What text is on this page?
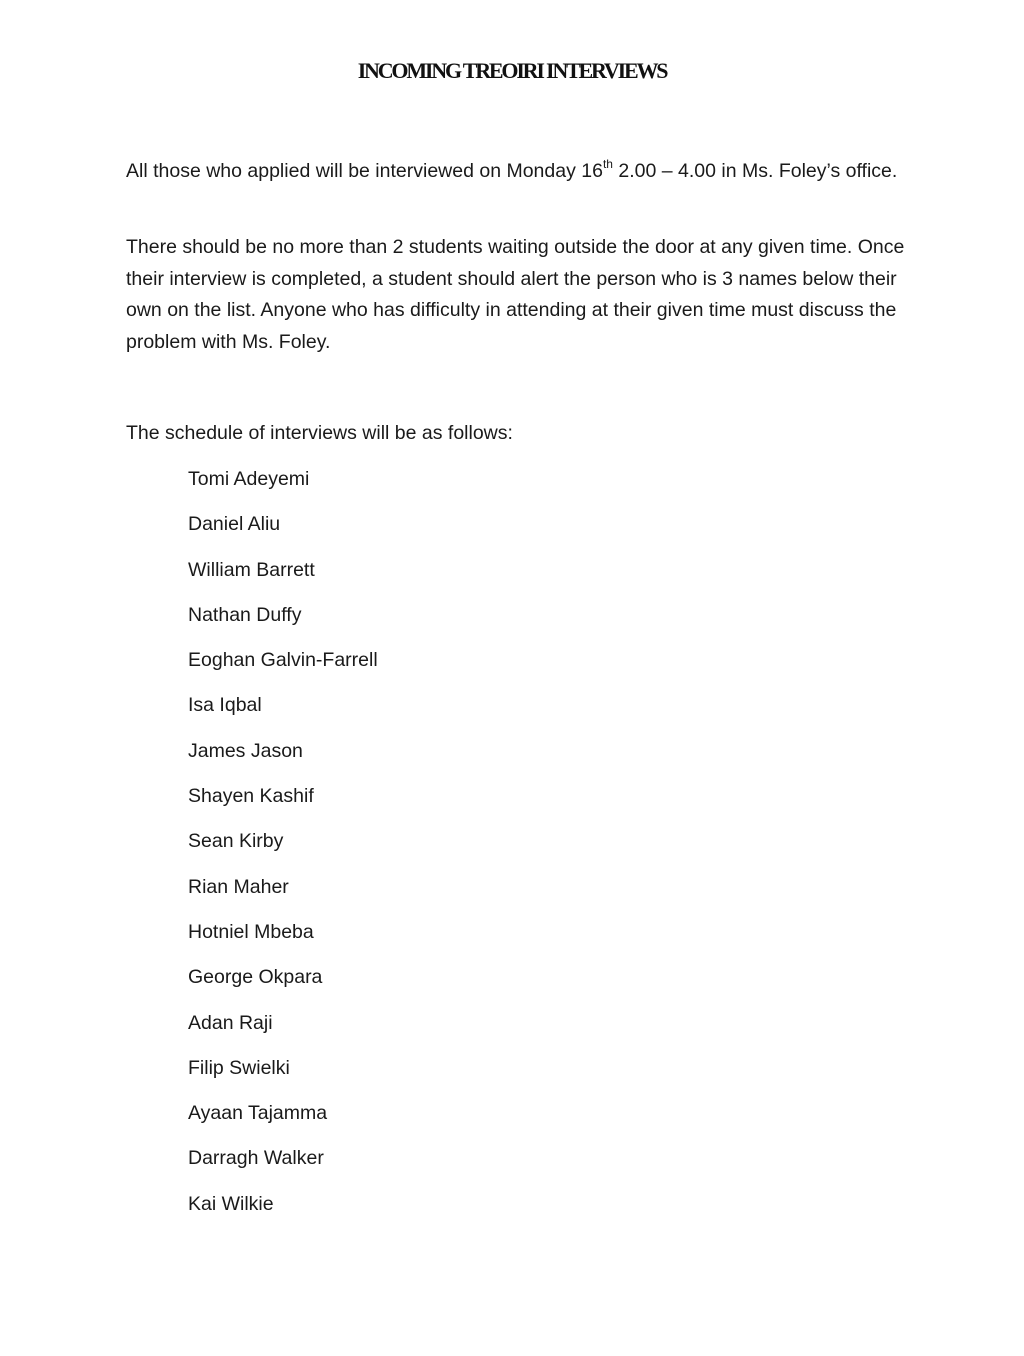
INCOMING TREOIRI INTERVIEWS

All those who applied will be interviewed on Monday 16th 2.00 – 4.00 in Ms. Foley’s office.

There should be no more than 2 students waiting outside the door at any given time. Once their interview is completed, a student should alert the person who is 3 names below their own on the list. Anyone who has difficulty in attending at their given time must discuss the problem with Ms. Foley.

The schedule of interviews will be as follows:

Tomi Adeyemi
Daniel Aliu
William Barrett
Nathan Duffy
Eoghan Galvin-Farrell
Isa Iqbal
James Jason
Shayen Kashif
Sean Kirby
Rian Maher
Hotniel Mbeba
George Okpara
Adan Raji
Filip Swielki
Ayaan Tajamma
Darragh Walker
Kai Wilkie
